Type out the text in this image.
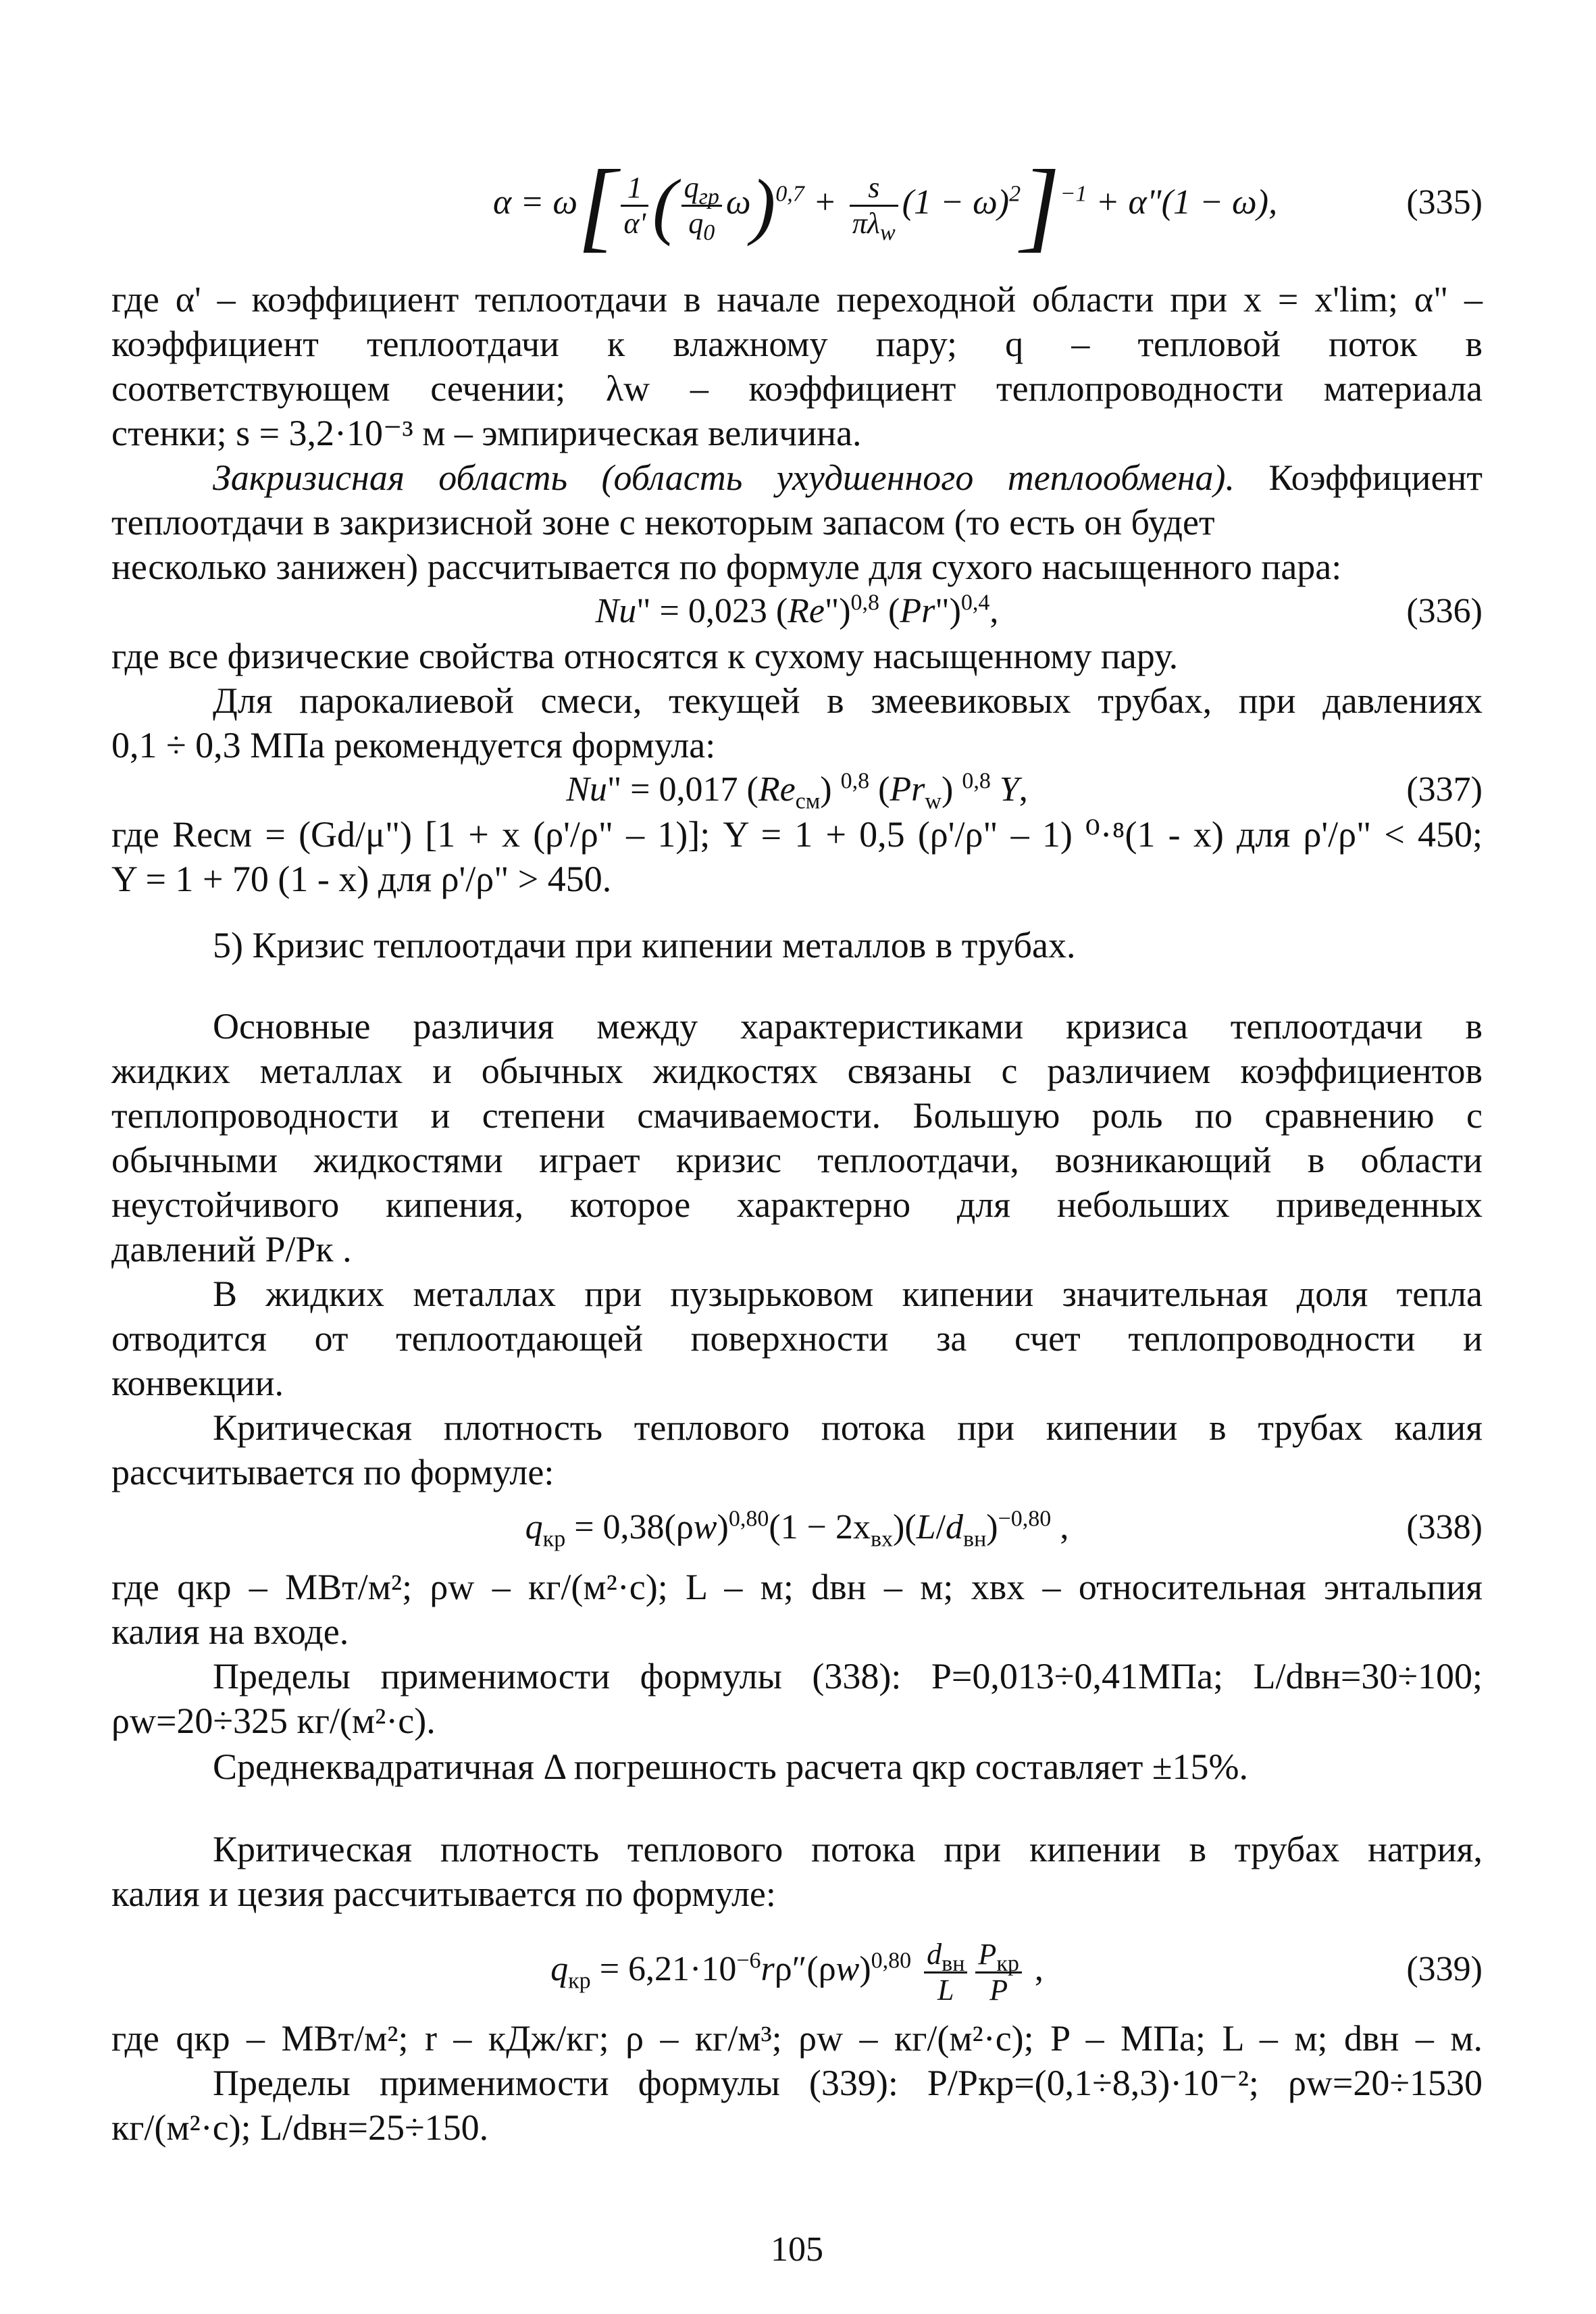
$\alpha = \omega[ \frac{1}{\alpha'}$ ( $\frac{q_{гр}}{q_0} \omega)^{0,7} + \frac{s}{\pi\lambda_w} (1 - \omega)^2]^{-1}$ + α"(1 − ω),	(335)
где α' – коэффициент теплоотдачи в начале переходной области при x = x'lim; α" –
коэффициент теплоотдачи к влажному пару; q – тепловой поток в
соответствующем сечении; λw – коэффициент теплопроводности материала
стенки; s = 3,2·10⁻³ м – эмпирическая величина.
Закризисная область (область ухудшенного теплообмена). Коэффициент
теплоотдачи в закризисной зоне с некоторым запасом (то есть он будет
несколько занижен) рассчитывается по формуле для сухого насыщенного пара:
Nu" = 0,023 (Re")$^{0,8}$ (Pr")$^{0,4}$,	(336)
где все физические свойства относятся к сухому насыщенному пару.
Для парокалиевой смеси, текущей в змеевиковых трубах, при давлениях
0,1 ÷ 0,3 МПа рекомендуется формула:
Nu" = 0,017 $(Re_{см})$ $^{0,8}$ $(Pr_w)$ $^{0,8}$ Y,	(337)
где Reсм = (Gd/μ") [1 + x (ρ'/ρ" – 1)]; Y = 1 + 0,5 (ρ'/ρ" – 1) ⁰·⁸(1 - x) для ρ'/ρ" < 450;
Y = 1 + 70 (1 - x) для ρ'/ρ" > 450.
5) Кризис теплоотдачи при кипении металлов в трубах.
Основные различия между характеристиками кризиса теплоотдачи в
жидких металлах и обычных жидкостях связаны с различием коэффициентов
теплопроводности и степени смачиваемости. Большую роль по сравнению с
обычными жидкостями играет кризис теплоотдачи, возникающий в области
неустойчивого кипения, которое характерно для небольших приведенных
давлений P/Pк .
В жидких металлах при пузырьковом кипении значительная доля тепла
отводится от теплоотдающей поверхности за счет теплопроводности и
конвекции.
Критическая плотность теплового потока при кипении в трубах калия
рассчитывается по формуле:
$q_{кр} = 0,38(\rho w)^{0,80}(1 - 2x_{вх})(L/d_{вн})^{-0,80}$ ,	(338)
где qкр – МВт/м²; ρw – кг/(м²·с); L – м; dвн – м; xвх – относительная энтальпия
калия на входе.
Пределы применимости формулы (338): P=0,013÷0,41МПа; L/dвн=30÷100;
ρw=20÷325 кг/(м²·с).
Среднеквадратичная Δ погрешность расчета qкр составляет ±15%.
Критическая плотность теплового потока при кипении в трубах натрия,
калия и цезия рассчитывается по формуле:
$q_{кр} = 6,21\cdot 10^{-6}r\rho''(\rho w)^{0,80} \frac{d_{вн}}{L} \frac{P_{кр}}{P}$ ,	(339)
где qкр – МВт/м²; r – кДж/кг; ρ – кг/м³; ρw – кг/(м²·с); P – МПа; L – м; dвн – м.
Пределы применимости формулы (339): P/Pкр=(0,1÷8,3)·10⁻²; ρw=20÷1530
кг/(м²·с); L/dвн=25÷150.
105
